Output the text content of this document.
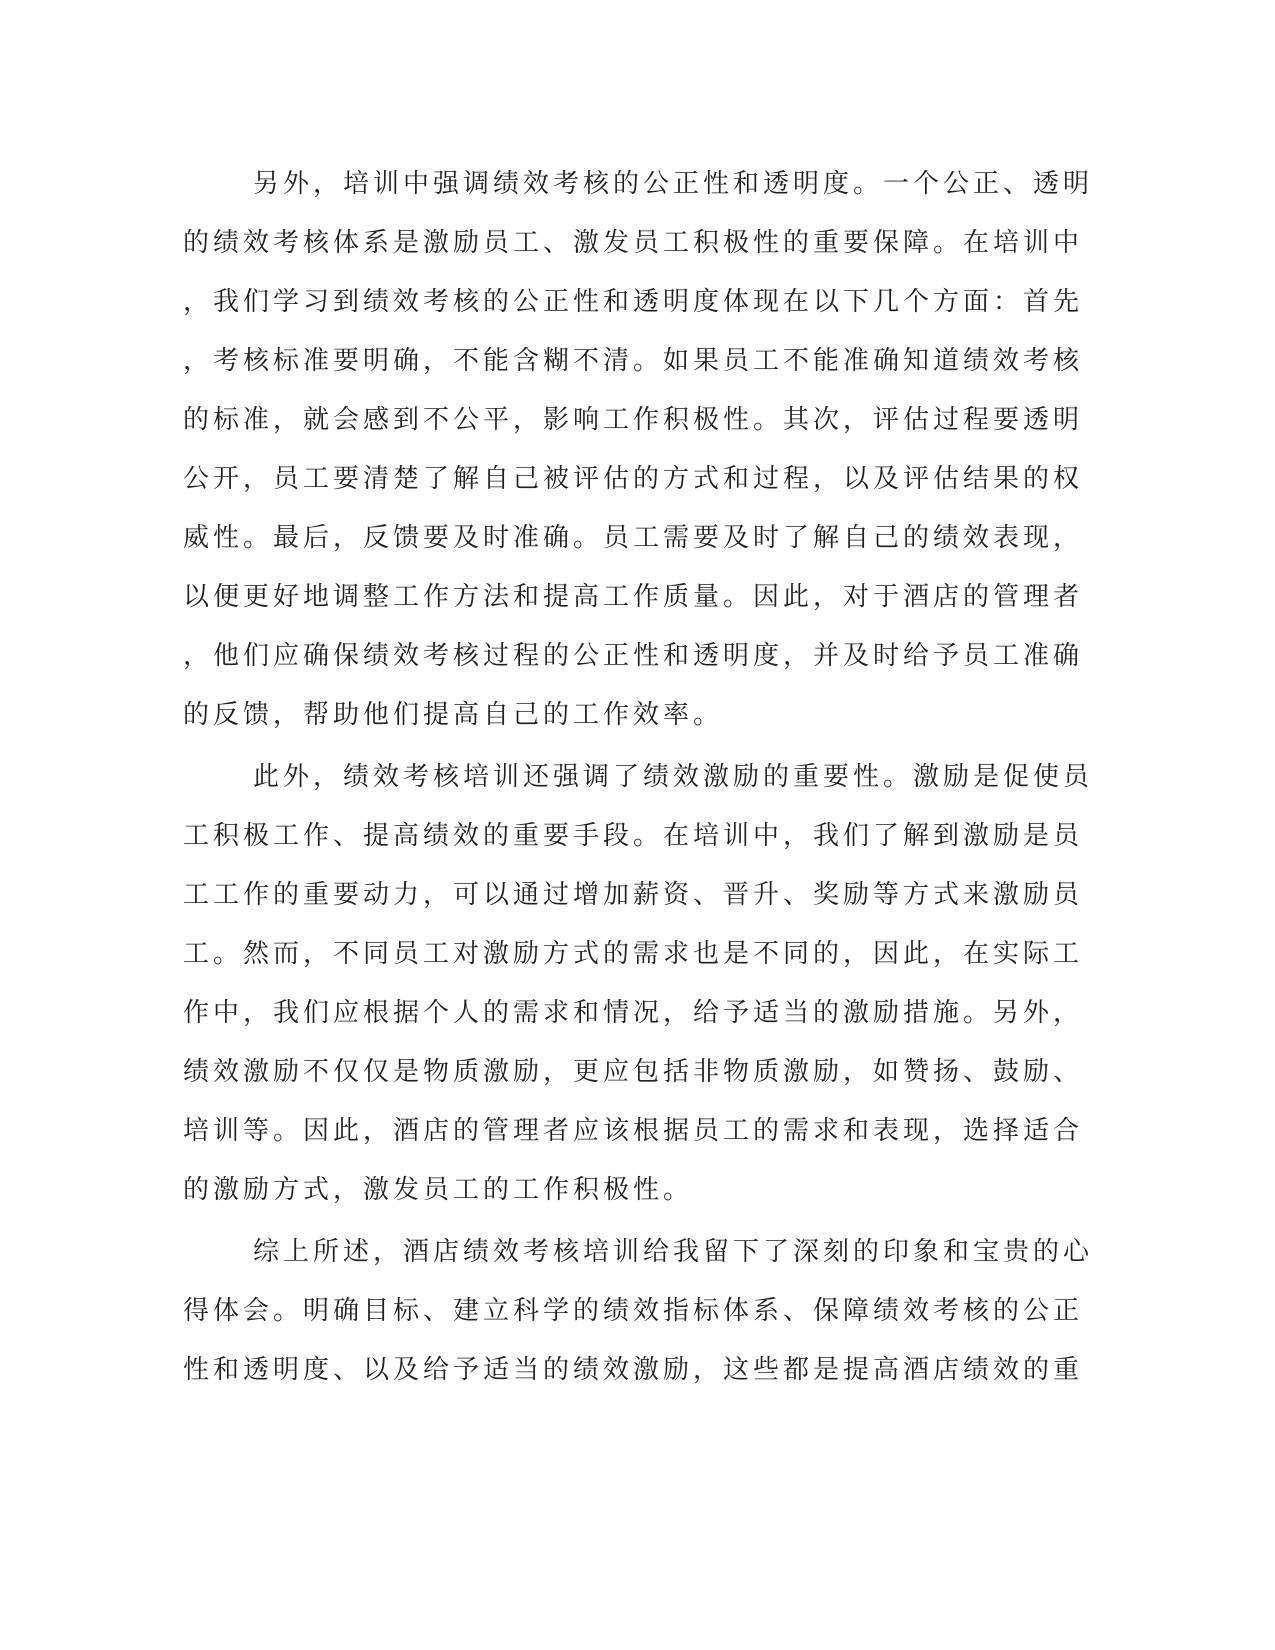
另外，培训中强调绩效考核的公正性和透明度。一个公正、透明
的绩效考核体系是激励员工、激发员工积极性的重要保障。在培训中
，我们学习到绩效考核的公正性和透明度体现在以下几个方面：首先
，考核标准要明确，不能含糊不清。如果员工不能准确知道绩效考核
的标准，就会感到不公平，影响工作积极性。其次，评估过程要透明
公开，员工要清楚了解自己被评估的方式和过程，以及评估结果的权
威性。最后，反馈要及时准确。员工需要及时了解自己的绩效表现，
以便更好地调整工作方法和提高工作质量。因此，对于酒店的管理者
，他们应确保绩效考核过程的公正性和透明度，并及时给予员工准确
的反馈，帮助他们提高自己的工作效率。
此外，绩效考核培训还强调了绩效激励的重要性。激励是促使员
工积极工作、提高绩效的重要手段。在培训中，我们了解到激励是员
工工作的重要动力，可以通过增加薪资、晋升、奖励等方式来激励员
工。然而，不同员工对激励方式的需求也是不同的，因此，在实际工
作中，我们应根据个人的需求和情况，给予适当的激励措施。另外，
绩效激励不仅仅是物质激励，更应包括非物质激励，如赞扬、鼓励、
培训等。因此，酒店的管理者应该根据员工的需求和表现，选择适合
的激励方式，激发员工的工作积极性。
综上所述，酒店绩效考核培训给我留下了深刻的印象和宝贵的心
得体会。明确目标、建立科学的绩效指标体系、保障绩效考核的公正
性和透明度、以及给予适当的绩效激励，这些都是提高酒店绩效的重
